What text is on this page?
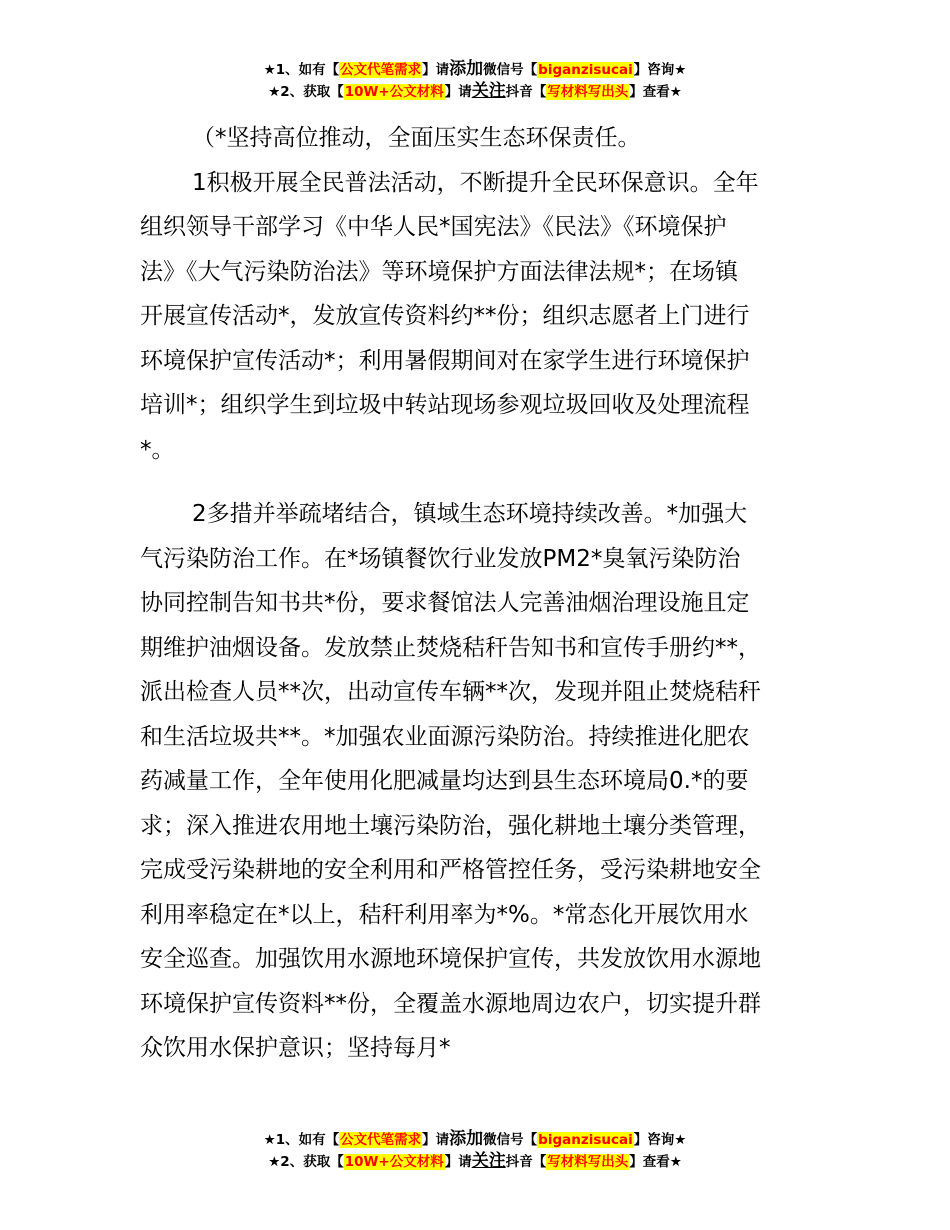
★1、如有【公文代笔需求】请添加微信号【biganzisucai】咨询★
★2、获取【10W+公文材料】请关注抖音【写材料写出头】查看★

（*坚持高位推动，全面压实生态环保责任。

1积极开展全民普法活动，不断提升全民环保意识。全年
组织领导干部学习《中华人民*国宪法》《民法》《环境保护
法》《大气污染防治法》等环境保护方面法律法规*；在场镇
开展宣传活动*，发放宣传资料约**份；组织志愿者上门进行
环境保护宣传活动*；利用暑假期间对在家学生进行环境保护
培训*；组织学生到垃圾中转站现场参观垃圾回收及处理流程
*。

2多措并举疏堵结合，镇域生态环境持续改善。*加强大
气污染防治工作。在*场镇餐饮行业发放PM2*臭氧污染防治
协同控制告知书共*份，要求餐馆法人完善油烟治理设施且定
期维护油烟设备。发放禁止焚烧秸秆告知书和宣传手册约**，
派出检查人员**次，出动宣传车辆**次，发现并阻止焚烧秸秆
和生活垃圾共**。*加强农业面源污染防治。持续推进化肥农
药减量工作，全年使用化肥减量均达到县生态环境局0.*的要
求；深入推进农用地土壤污染防治，强化耕地土壤分类管理，
完成受污染耕地的安全利用和严格管控任务，受污染耕地安全
利用率稳定在*以上，秸秆利用率为*%。*常态化开展饮用水
安全巡查。加强饮用水源地环境保护宣传，共发放饮用水源地
环境保护宣传资料**份，全覆盖水源地周边农户，切实提升群
众饮用水保护意识；坚持每月*

★1、如有【公文代笔需求】请添加微信号【biganzisucai】咨询★
★2、获取【10W+公文材料】请关注抖音【写材料写出头】查看★
